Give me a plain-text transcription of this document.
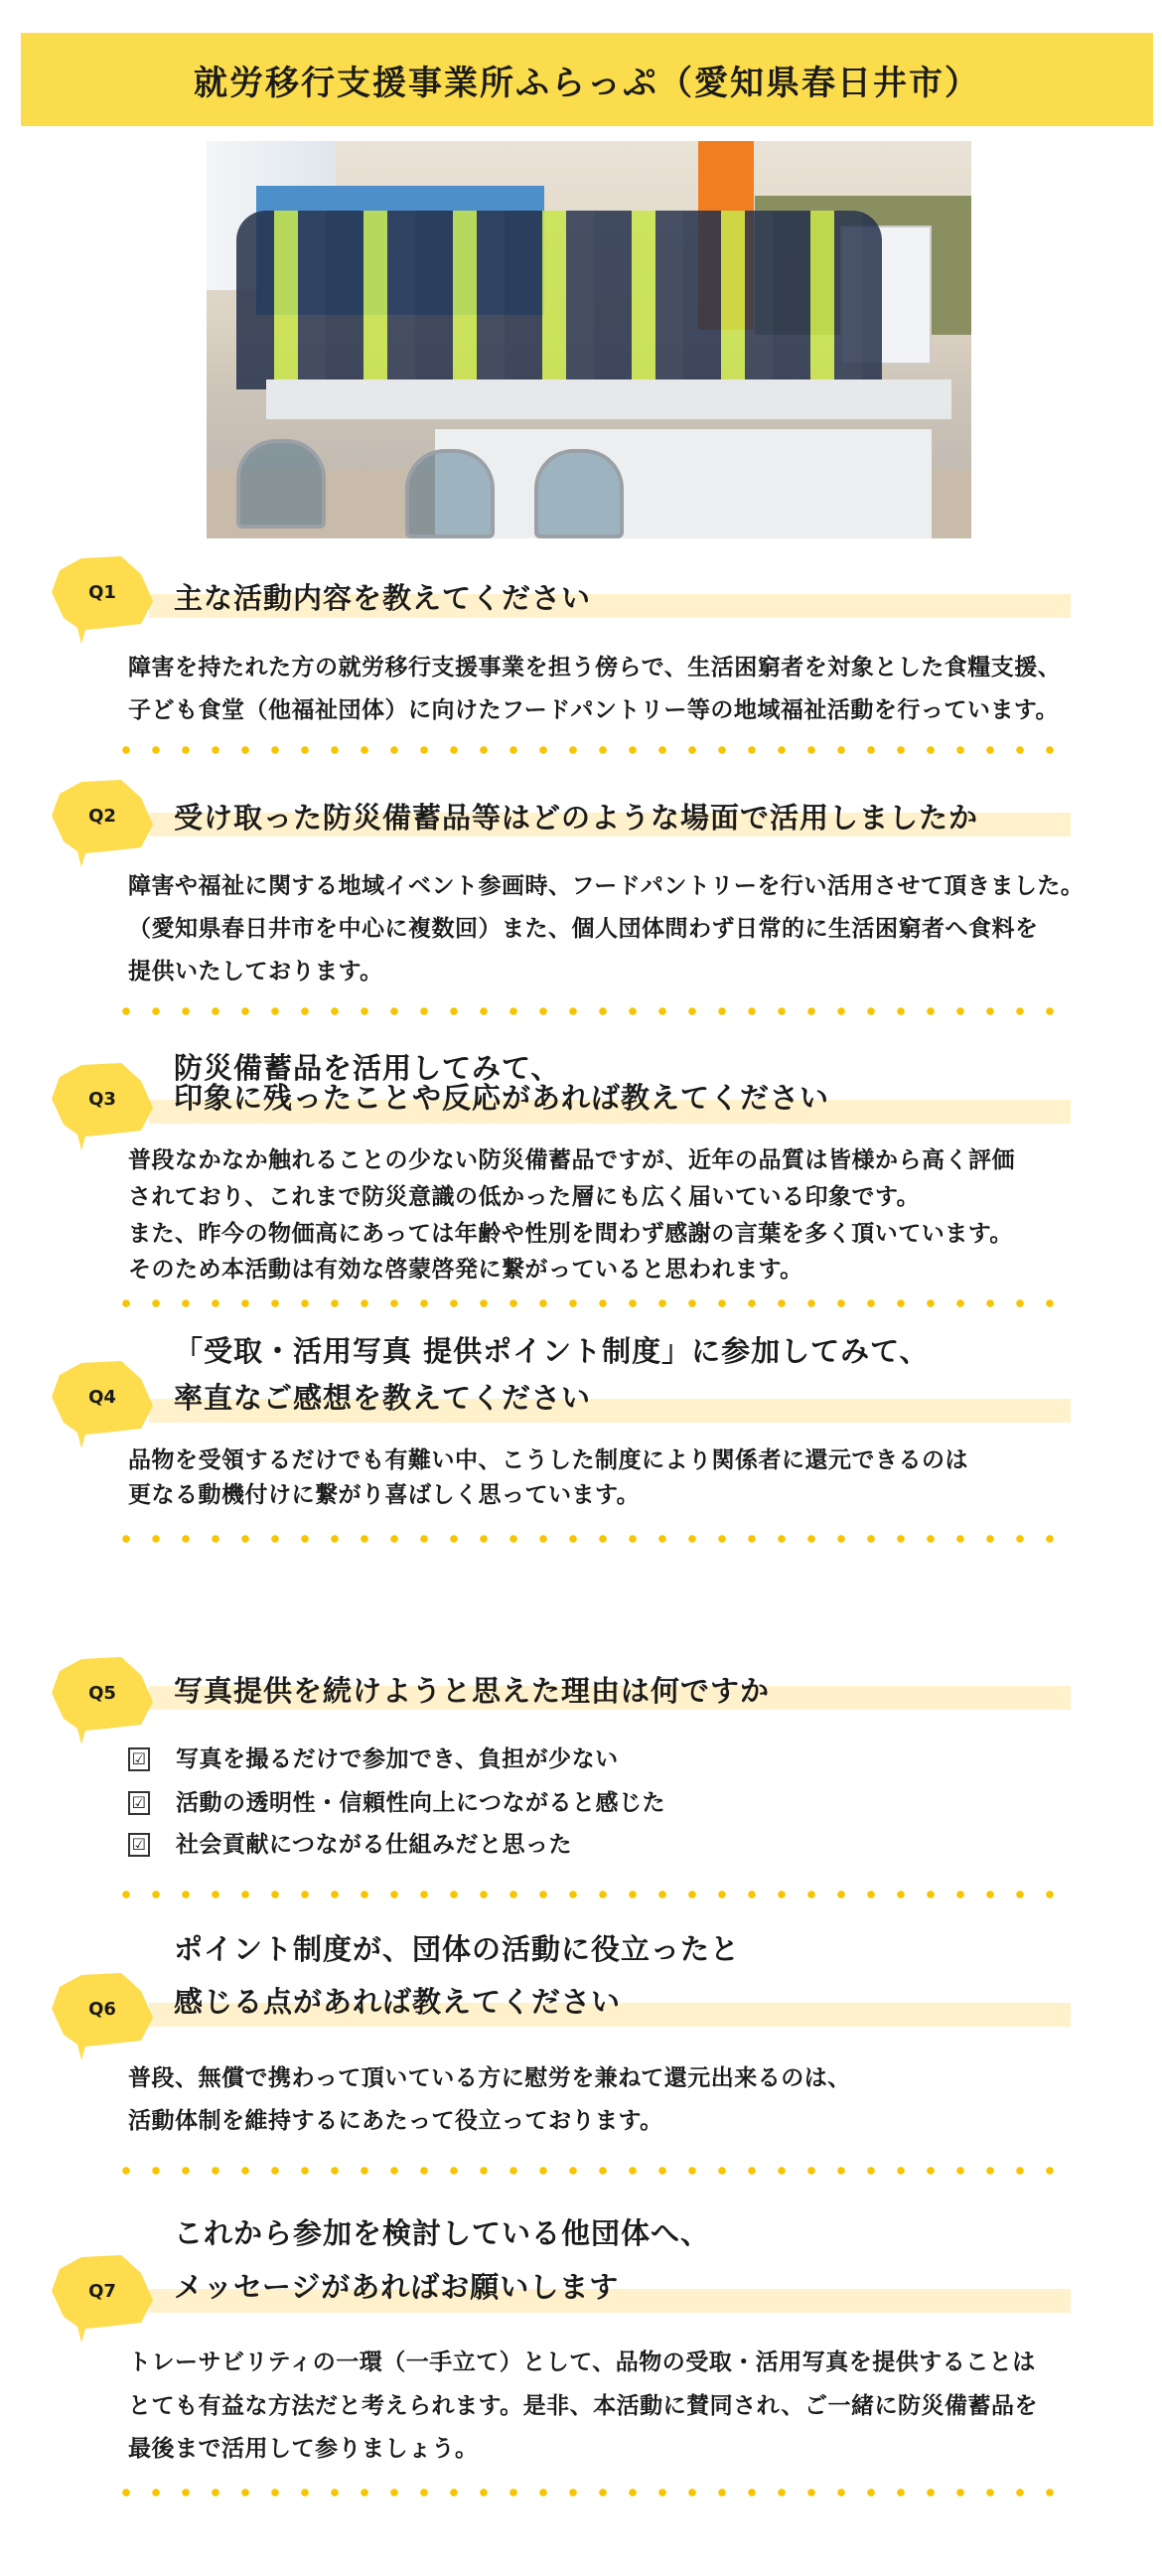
就労移行支援事業所ふらっぷ（愛知県春日井市）
Q1	主な活動内容を教えてください
障害を持たれた方の就労移行支援事業を担う傍らで、生活困窮者を対象とした食糧支援、
子ども食堂（他福祉団体）に向けたフードパントリー等の地域福祉活動を行っています。
Q2	受け取った防災備蓄品等はどのような場面で活用しましたか
障害や福祉に関する地域イベント参画時、フードパントリーを行い活用させて頂きました。
（愛知県春日井市を中心に複数回）また、個人団体問わず日常的に生活困窮者へ食料を
提供いたしております。
Q3
防災備蓄品を活用してみて、
印象に残ったことや反応があれば教えてください
普段なかなか触れることの少ない防災備蓄品ですが、近年の品質は皆様から高く評価
されており、これまで防災意識の低かった層にも広く届いている印象です。
また、昨今の物価高にあっては年齢や性別を問わず感謝の言葉を多く頂いています。
そのため本活動は有効な啓蒙啓発に繋がっていると思われます。
Q4
「受取・活用写真 提供ポイント制度」に参加してみて、
率直なご感想を教えてください
品物を受領するだけでも有難い中、こうした制度により関係者に還元できるのは
更なる動機付けに繋がり喜ばしく思っています。
Q5	写真提供を続けようと思えた理由は何ですか
☑ 写真を撮るだけで参加でき、負担が少ない
☑ 活動の透明性・信頼性向上につながると感じた
☑ 社会貢献につながる仕組みだと思った
Q6
ポイント制度が、団体の活動に役立ったと
感じる点があれば教えてください
普段、無償で携わって頂いている方に慰労を兼ねて還元出来るのは、
活動体制を維持するにあたって役立っております。
Q7
これから参加を検討している他団体へ、
メッセージがあればお願いします
トレーサビリティの一環（一手立て）として、品物の受取・活用写真を提供することは
とても有益な方法だと考えられます。是非、本活動に賛同され、ご一緒に防災備蓄品を
最後まで活用して参りましょう。
